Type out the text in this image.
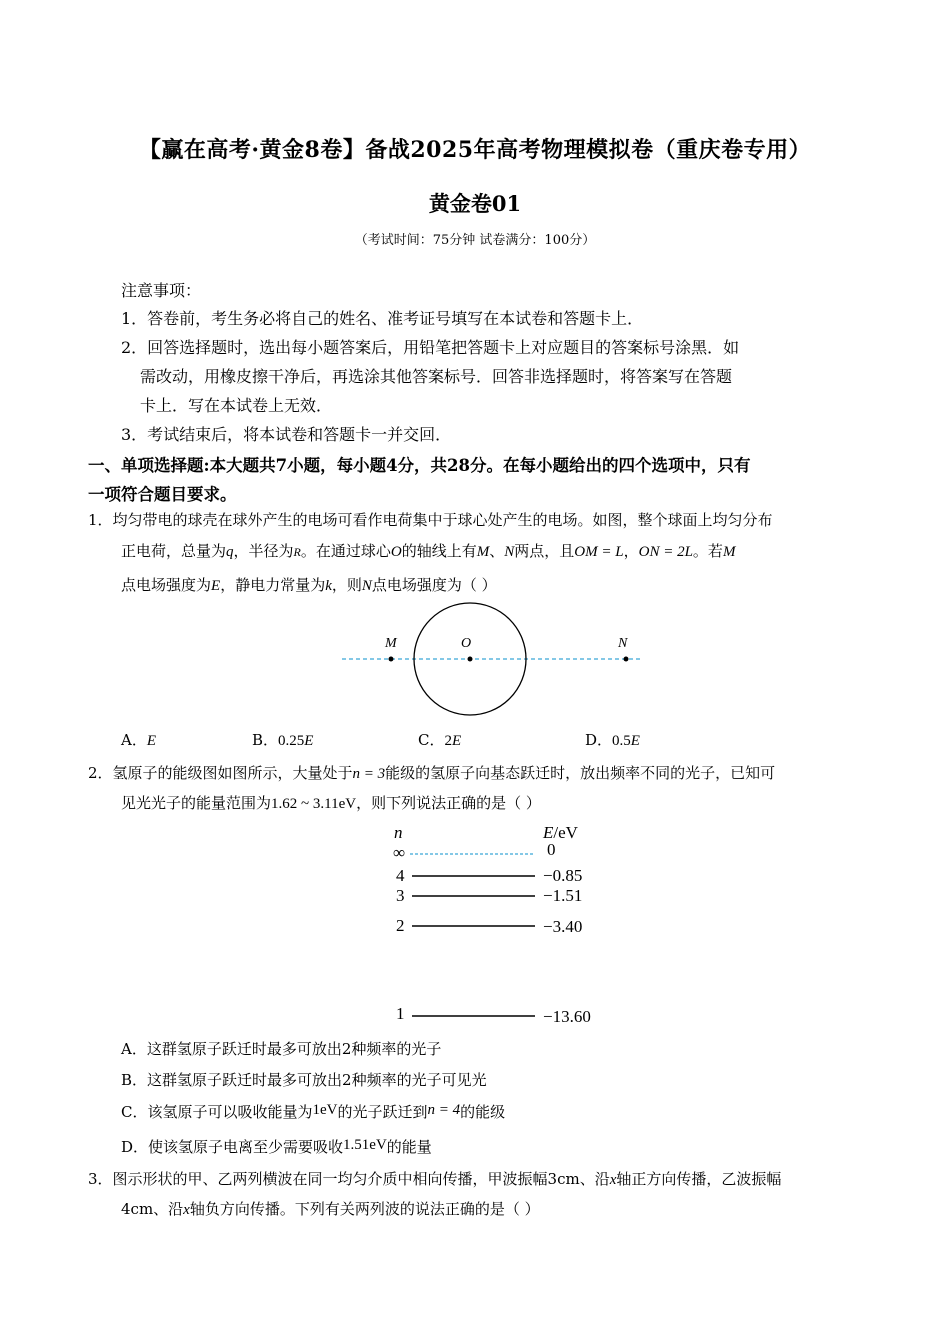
【赢在高考·黄金8卷】备战2025年高考物理模拟卷（重庆卷专用）
黄金卷01
（考试时间：75分钟 试卷满分：100分）
注意事项：
1．答卷前，考生务必将自己的姓名、准考证号填写在本试卷和答题卡上．
2．回答选择题时，选出每小题答案后，用铅笔把答题卡上对应题目的答案标号涂黑．如
需改动，用橡皮擦干净后，再选涂其他答案标号．回答非选择题时，将答案写在答题
卡上．写在本试卷上无效．
3．考试结束后，将本试卷和答题卡一并交回．
一、单项选择题:本大题共7小题，每小题4分，共28分。在每小题给出的四个选项中，只有
一项符合题目要求。
1．均匀带电的球壳在球外产生的电场可看作电荷集中于球心处产生的电场。如图，整个球面上均匀分布
正电荷，总量为q，半径为R。在通过球心O的轴线上有M、N两点，且OM = L，ON = 2L。若M
点电场强度为E，静电力常量为k，则N点电场强度为（ ）
M	O	N
A．E	B．0.25E	C．2E	D．0.5E
2．氢原子的能级图如图所示，大量处于n = 3能级的氢原子向基态跃迁时，放出频率不同的光子，已知可
见光光子的能量范围为1.62 ~ 3.11eV，则下列说法正确的是（ ）
n	E/eV
∞	0
4	−0.85
3	−1.51
2	−3.40
1	−13.60
A．这群氢原子跃迁时最多可放出2种频率的光子
B．这群氢原子跃迁时最多可放出2种频率的光子可见光
C．该氢原子可以吸收能量为1eV的光子跃迁到n = 4的能级
D．使该氢原子电离至少需要吸收1.51eV的能量
3．图示形状的甲、乙两列横波在同一均匀介质中相向传播，甲波振幅3cm、沿x轴正方向传播，乙波振幅
4cm、沿x轴负方向传播。下列有关两列波的说法正确的是（ ）
